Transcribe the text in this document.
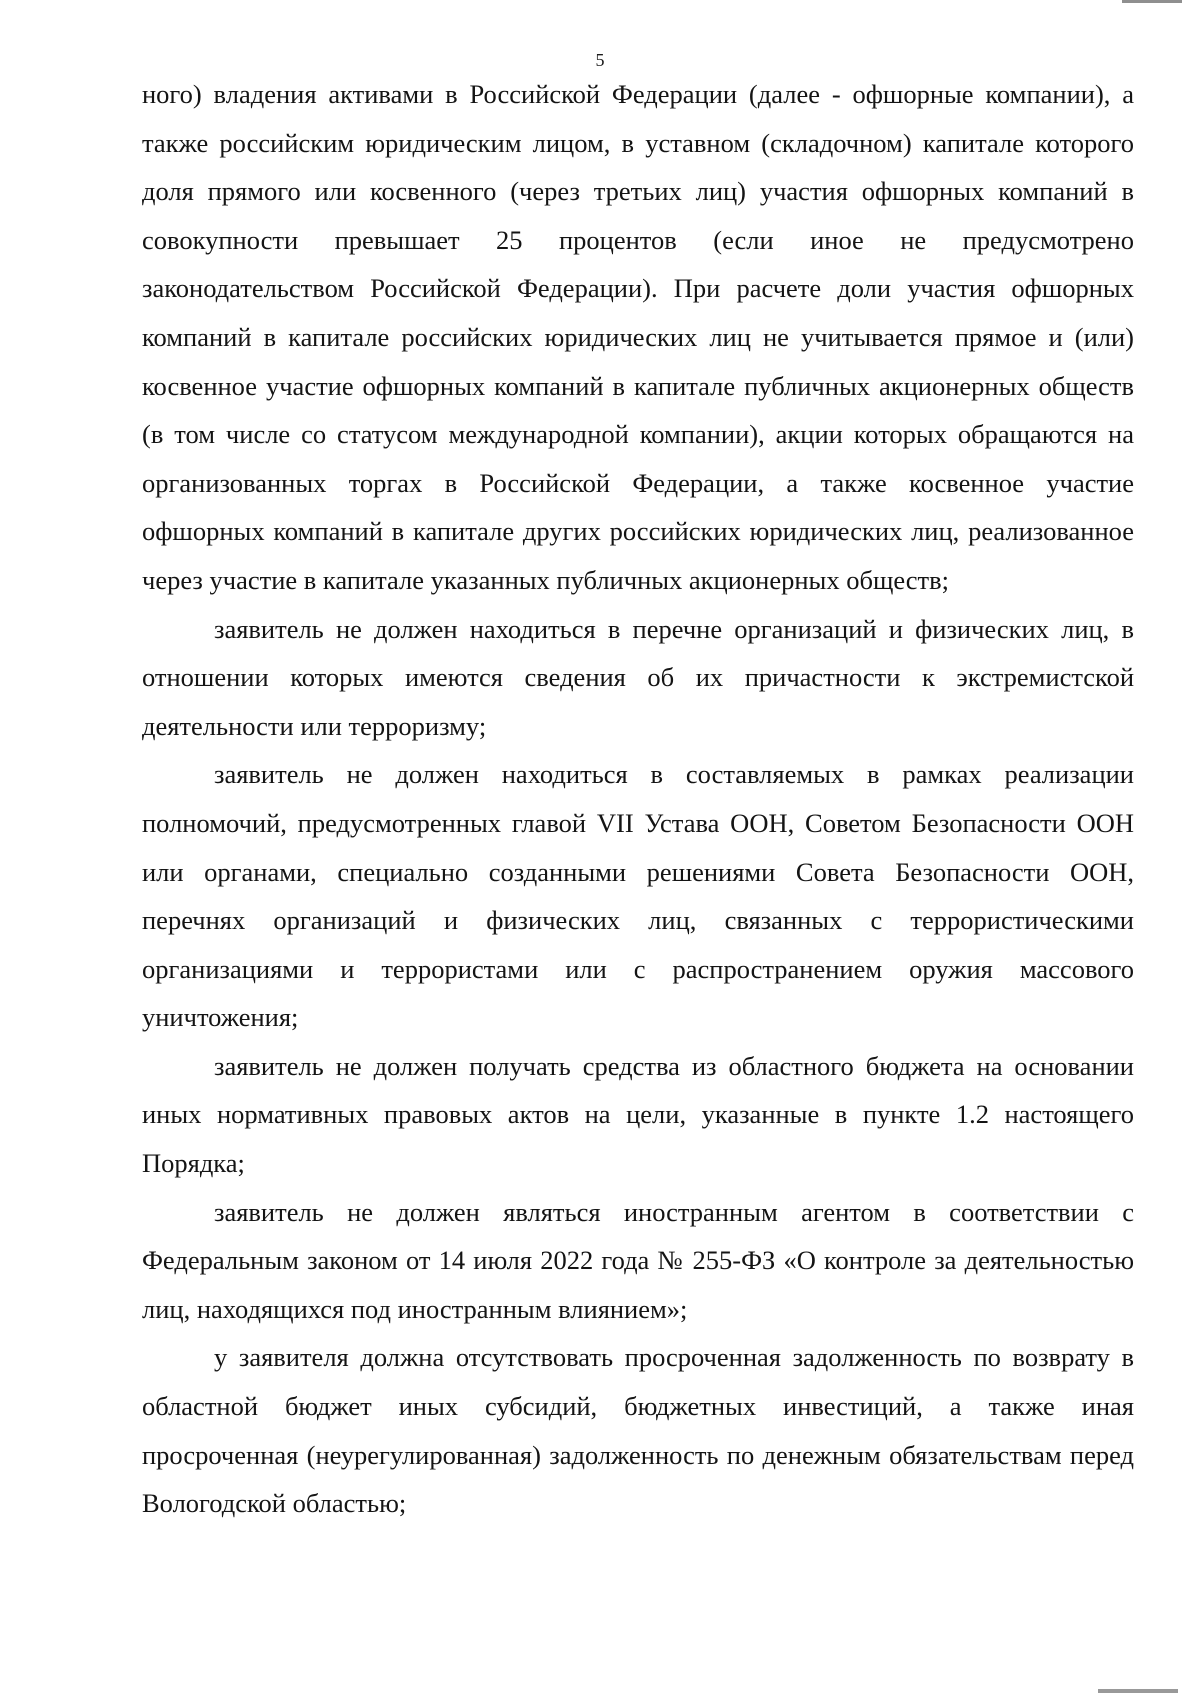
5

ного) владения активами в Российской Федерации (далее - офшорные компании), а также российским юридическим лицом, в уставном (складочном) капитале которого доля прямого или косвенного (через третьих лиц) участия офшорных компаний в совокупности превышает 25 процентов (если иное не предусмотрено законодательством Российской Федерации). При расчете доли участия офшорных компаний в капитале российских юридических лиц не учитывается прямое и (или) косвенное участие офшорных компаний в капитале публичных акционерных обществ (в том числе со статусом международной компании), акции которых обращаются на организованных торгах в Российской Федерации, а также косвенное участие офшорных компаний в капитале других российских юридических лиц, реализованное через участие в капитале указанных публичных акционерных обществ;

заявитель не должен находиться в перечне организаций и физических лиц, в отношении которых имеются сведения об их причастности к экстремистской деятельности или терроризму;

заявитель не должен находиться в составляемых в рамках реализации полномочий, предусмотренных главой VII Устава ООН, Советом Безопасности ООН или органами, специально созданными решениями Совета Безопасности ООН, перечнях организаций и физических лиц, связанных с террористическими организациями и террористами или с распространением оружия массового уничтожения;

заявитель не должен получать средства из областного бюджета на основании иных нормативных правовых актов на цели, указанные в пункте 1.2 настоящего Порядка;

заявитель не должен являться иностранным агентом в соответствии с Федеральным законом от 14 июля 2022 года № 255-ФЗ «О контроле за деятельностью лиц, находящихся под иностранным влиянием»;

у заявителя должна отсутствовать просроченная задолженность по возврату в областной бюджет иных субсидий, бюджетных инвестиций, а также иная просроченная (неурегулированная) задолженность по денежным обязательствам перед Вологодской областью;
